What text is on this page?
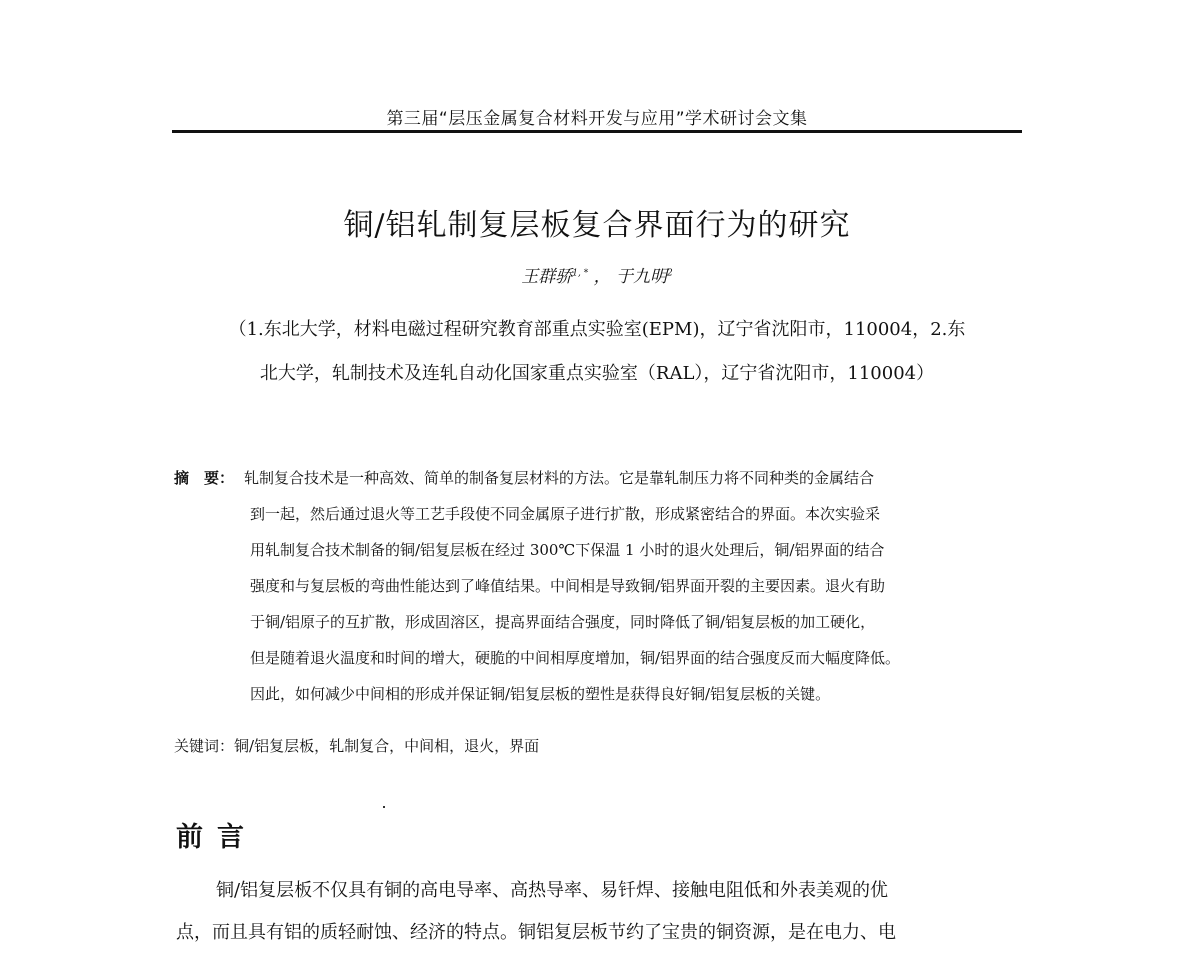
第三届“层压金属复合材料开发与应用”学术研讨会文集
铜/铝轧制复层板复合界面行为的研究
王群骄$^{1, *}$ ， 于九明$^2$
（1.东北大学，材料电磁过程研究教育部重点实验室(EPM)，辽宁省沈阳市，110004，2.东
北大学，轧制技术及连轧自动化国家重点实验室（RAL），辽宁省沈阳市，110004）
摘　要： 轧制复合技术是一种高效、简单的制备复层材料的方法。它是靠轧制压力将不同种类的金属结合
到一起，然后通过退火等工艺手段使不同金属原子进行扩散，形成紧密结合的界面。本次实验采
用轧制复合技术制备的铜/铝复层板在经过 300℃下保温 1 小时的退火处理后，铜/铝界面的结合
强度和与复层板的弯曲性能达到了峰值结果。中间相是导致铜/铝界面开裂的主要因素。退火有助
于铜/铝原子的互扩散，形成固溶区，提高界面结合强度，同时降低了铜/铝复层板的加工硬化，
但是随着退火温度和时间的增大，硬脆的中间相厚度增加，铜/铝界面的结合强度反而大幅度降低。
因此，如何减少中间相的形成并保证铜/铝复层板的塑性是获得良好铜/铝复层板的关键。
关键词：铜/铝复层板，轧制复合，中间相，退火，界面
前言
铜/铝复层板不仅具有铜的高电导率、高热导率、易钎焊、接触电阻低和外表美观的优
点，而且具有铝的质轻耐蚀、经济的特点。铜铝复层板节约了宝贵的铜资源，是在电力、电
